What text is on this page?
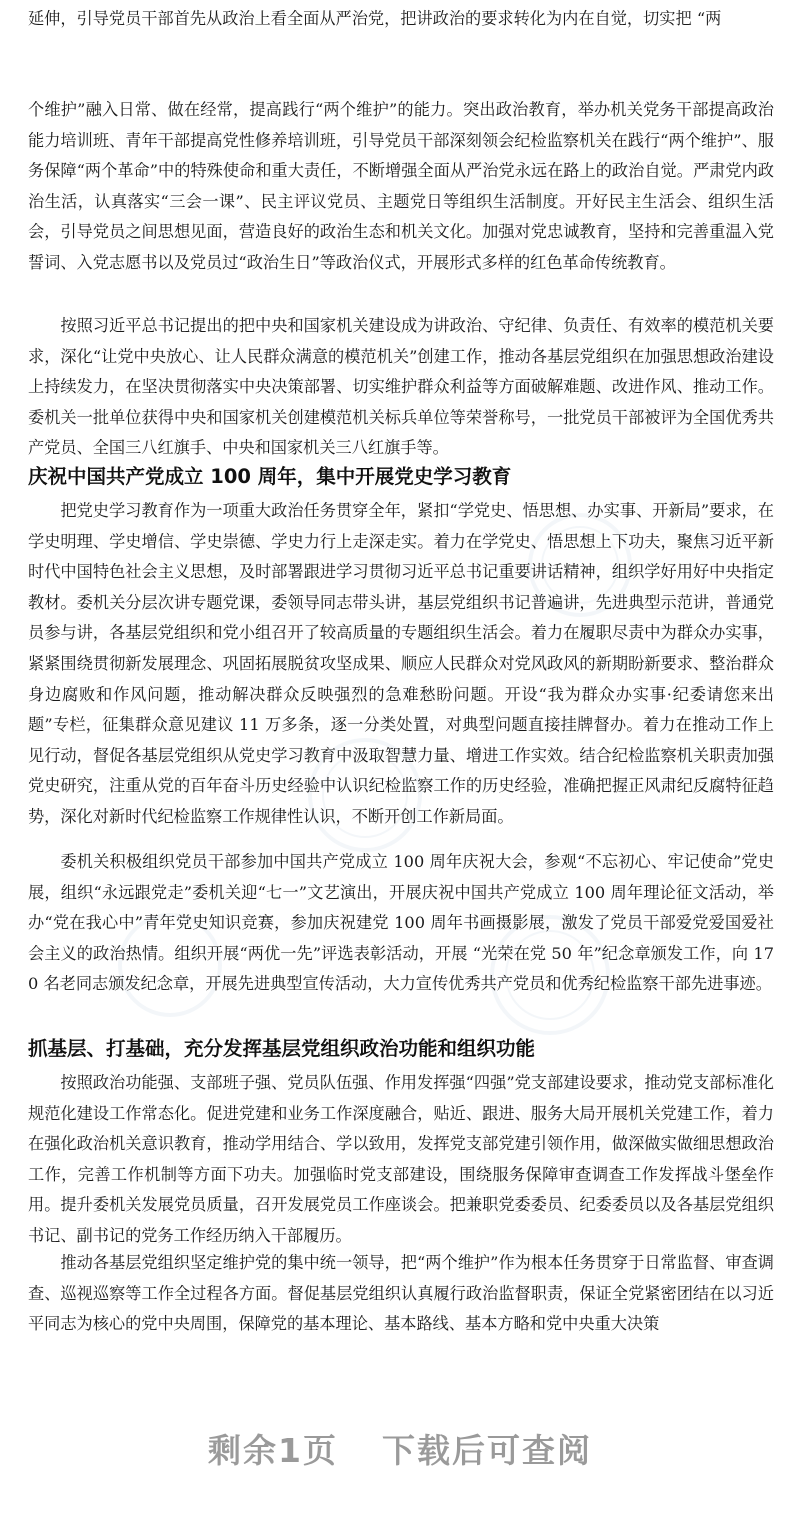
延伸，引导党员干部首先从政治上看全面从严治党，把讲政治的要求转化为内在自觉，切实把 “两

个维护”融入日常、做在经常，提高践行“两个维护”的能力。突出政治教育，举办机关党务干部提高政治能力培训班、青年干部提高党性修养培训班，引导党员干部深刻领会纪检监察机关在践行“两个维护”、服务保障“两个革命”中的特殊使命和重大责任，不断增强全面从严治党永远在路上的政治自觉。严肃党内政治生活，认真落实“三会一课”、民主评议党员、主题党日等组织生活制度。开好民主生活会、组织生活会，引导党员之间思想见面，营造良好的政治生态和机关文化。加强对党忠诚教育，坚持和完善重温入党誓词、入党志愿书以及党员过“政治生日”等政治仪式，开展形式多样的红色革命传统教育。

按照习近平总书记提出的把中央和国家机关建设成为讲政治、守纪律、负责任、有效率的模范机关要求，深化“让党中央放心、让人民群众满意的模范机关”创建工作，推动各基层党组织在加强思想政治建设上持续发力，在坚决贯彻落实中央决策部署、切实维护群众利益等方面破解难题、改进作风、推动工作。委机关一批单位获得中央和国家机关创建模范机关标兵单位等荣誉称号，一批党员干部被评为全国优秀共产党员、全国三八红旗手、中央和国家机关三八红旗手等。

庆祝中国共产党成立 100 周年，集中开展党史学习教育

把党史学习教育作为一项重大政治任务贯穿全年，紧扣“学党史、悟思想、办实事、开新局”要求，在学史明理、学史增信、学史崇德、学史力行上走深走实。着力在学党史、悟思想上下功夫，聚焦习近平新时代中国特色社会主义思想，及时部署跟进学习贯彻习近平总书记重要讲话精神，组织学好用好中央指定教材。委机关分层次讲专题党课，委领导同志带头讲，基层党组织书记普遍讲，先进典型示范讲，普通党员参与讲，各基层党组织和党小组召开了较高质量的专题组织生活会。着力在履职尽责中为群众办实事，紧紧围绕贯彻新发展理念、巩固拓展脱贫攻坚成果、顺应人民群众对党风政风的新期盼新要求、整治群众身边腐败和作风问题，推动解决群众反映强烈的急难愁盼问题。开设“我为群众办实事·纪委请您来出题”专栏，征集群众意见建议 11 万多条，逐一分类处置，对典型问题直接挂牌督办。着力在推动工作上见行动，督促各基层党组织从党史学习教育中汲取智慧力量、增进工作实效。结合纪检监察机关职责加强党史研究，注重从党的百年奋斗历史经验中认识纪检监察工作的历史经验，准确把握正风肃纪反腐特征趋势，深化对新时代纪检监察工作规律性认识，不断开创工作新局面。

委机关积极组织党员干部参加中国共产党成立 100 周年庆祝大会，参观“不忘初心、牢记使命”党史展，组织“永远跟党走”委机关迎“七一”文艺演出，开展庆祝中国共产党成立 100 周年理论征文活动，举办“党在我心中”青年党史知识竞赛，参加庆祝建党 100 周年书画摄影展，激发了党员干部爱党爱国爱社会主义的政治热情。组织开展“两优一先”评选表彰活动，开展 “光荣在党 50 年”纪念章颁发工作，向 170 名老同志颁发纪念章，开展先进典型宣传活动，大力宣传优秀共产党员和优秀纪检监察干部先进事迹。

抓基层、打基础，充分发挥基层党组织政治功能和组织功能

按照政治功能强、支部班子强、党员队伍强、作用发挥强“四强”党支部建设要求，推动党支部标准化规范化建设工作常态化。促进党建和业务工作深度融合，贴近、跟进、服务大局开展机关党建工作，着力在强化政治机关意识教育，推动学用结合、学以致用，发挥党支部党建引领作用，做深做实做细思想政治工作，完善工作机制等方面下功夫。加强临时党支部建设，围绕服务保障审查调查工作发挥战斗堡垒作用。提升委机关发展党员质量，召开发展党员工作座谈会。把兼职党委委员、纪委委员以及各基层党组织书记、副书记的党务工作经历纳入干部履历。

推动各基层党组织坚定维护党的集中统一领导，把“两个维护”作为根本任务贯穿于日常监督、审查调查、巡视巡察等工作全过程各方面。督促基层党组织认真履行政治监督职责，保证全党紧密团结在以习近平同志为核心的党中央周围，保障党的基本理论、基本路线、基本方略和党中央重大决策

剩余1页 下载后可查阅
